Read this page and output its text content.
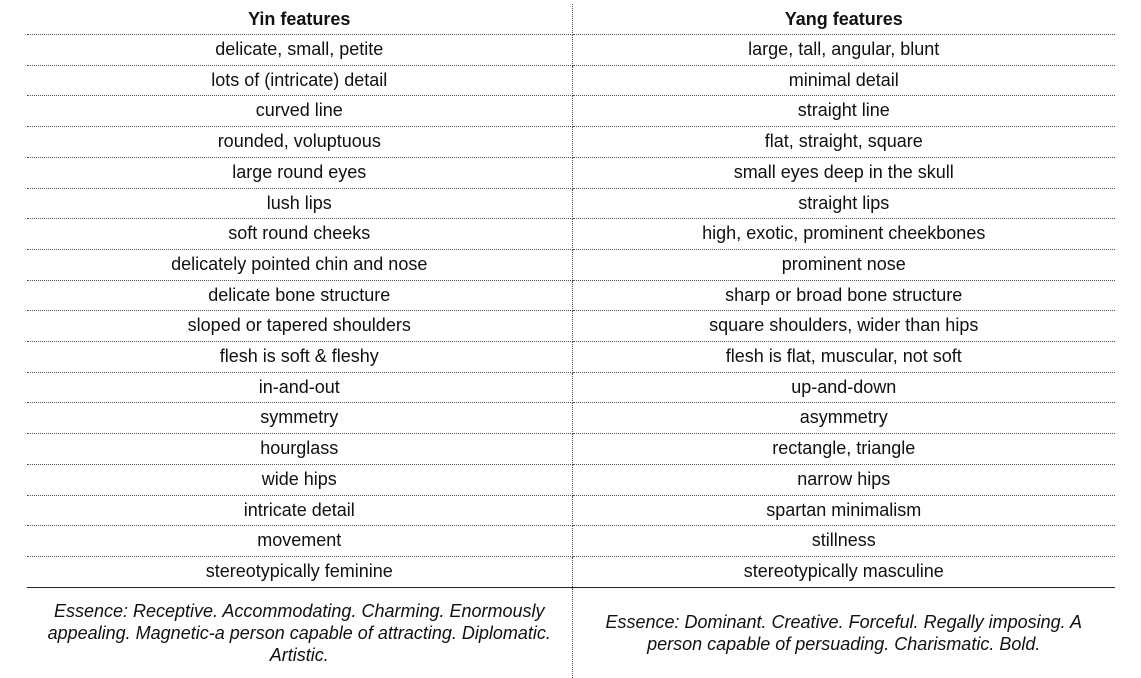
Yin features	Yang features
delicate, small, petite	large, tall, angular, blunt
lots of (intricate) detail	minimal detail
curved line	straight line
rounded, voluptuous	flat, straight, square
large round eyes	small eyes deep in the skull
lush lips	straight lips
soft round cheeks	high, exotic, prominent cheekbones
delicately pointed chin and nose	prominent nose
delicate bone structure	sharp or broad bone structure
sloped or tapered shoulders	square shoulders, wider than hips
flesh is soft & fleshy	flesh is flat, muscular, not soft
in-and-out	up-and-down
symmetry	asymmetry
hourglass	rectangle, triangle
wide hips	narrow hips
intricate detail	spartan minimalism
movement	stillness
stereotypically feminine	stereotypically masculine
Essence: Receptive. Accommodating. Charming. Enormously appealing. Magnetic-a person capable of attracting. Diplomatic. Artistic.	Essence: Dominant. Creative. Forceful. Regally imposing. A person capable of persuading. Charismatic. Bold.
